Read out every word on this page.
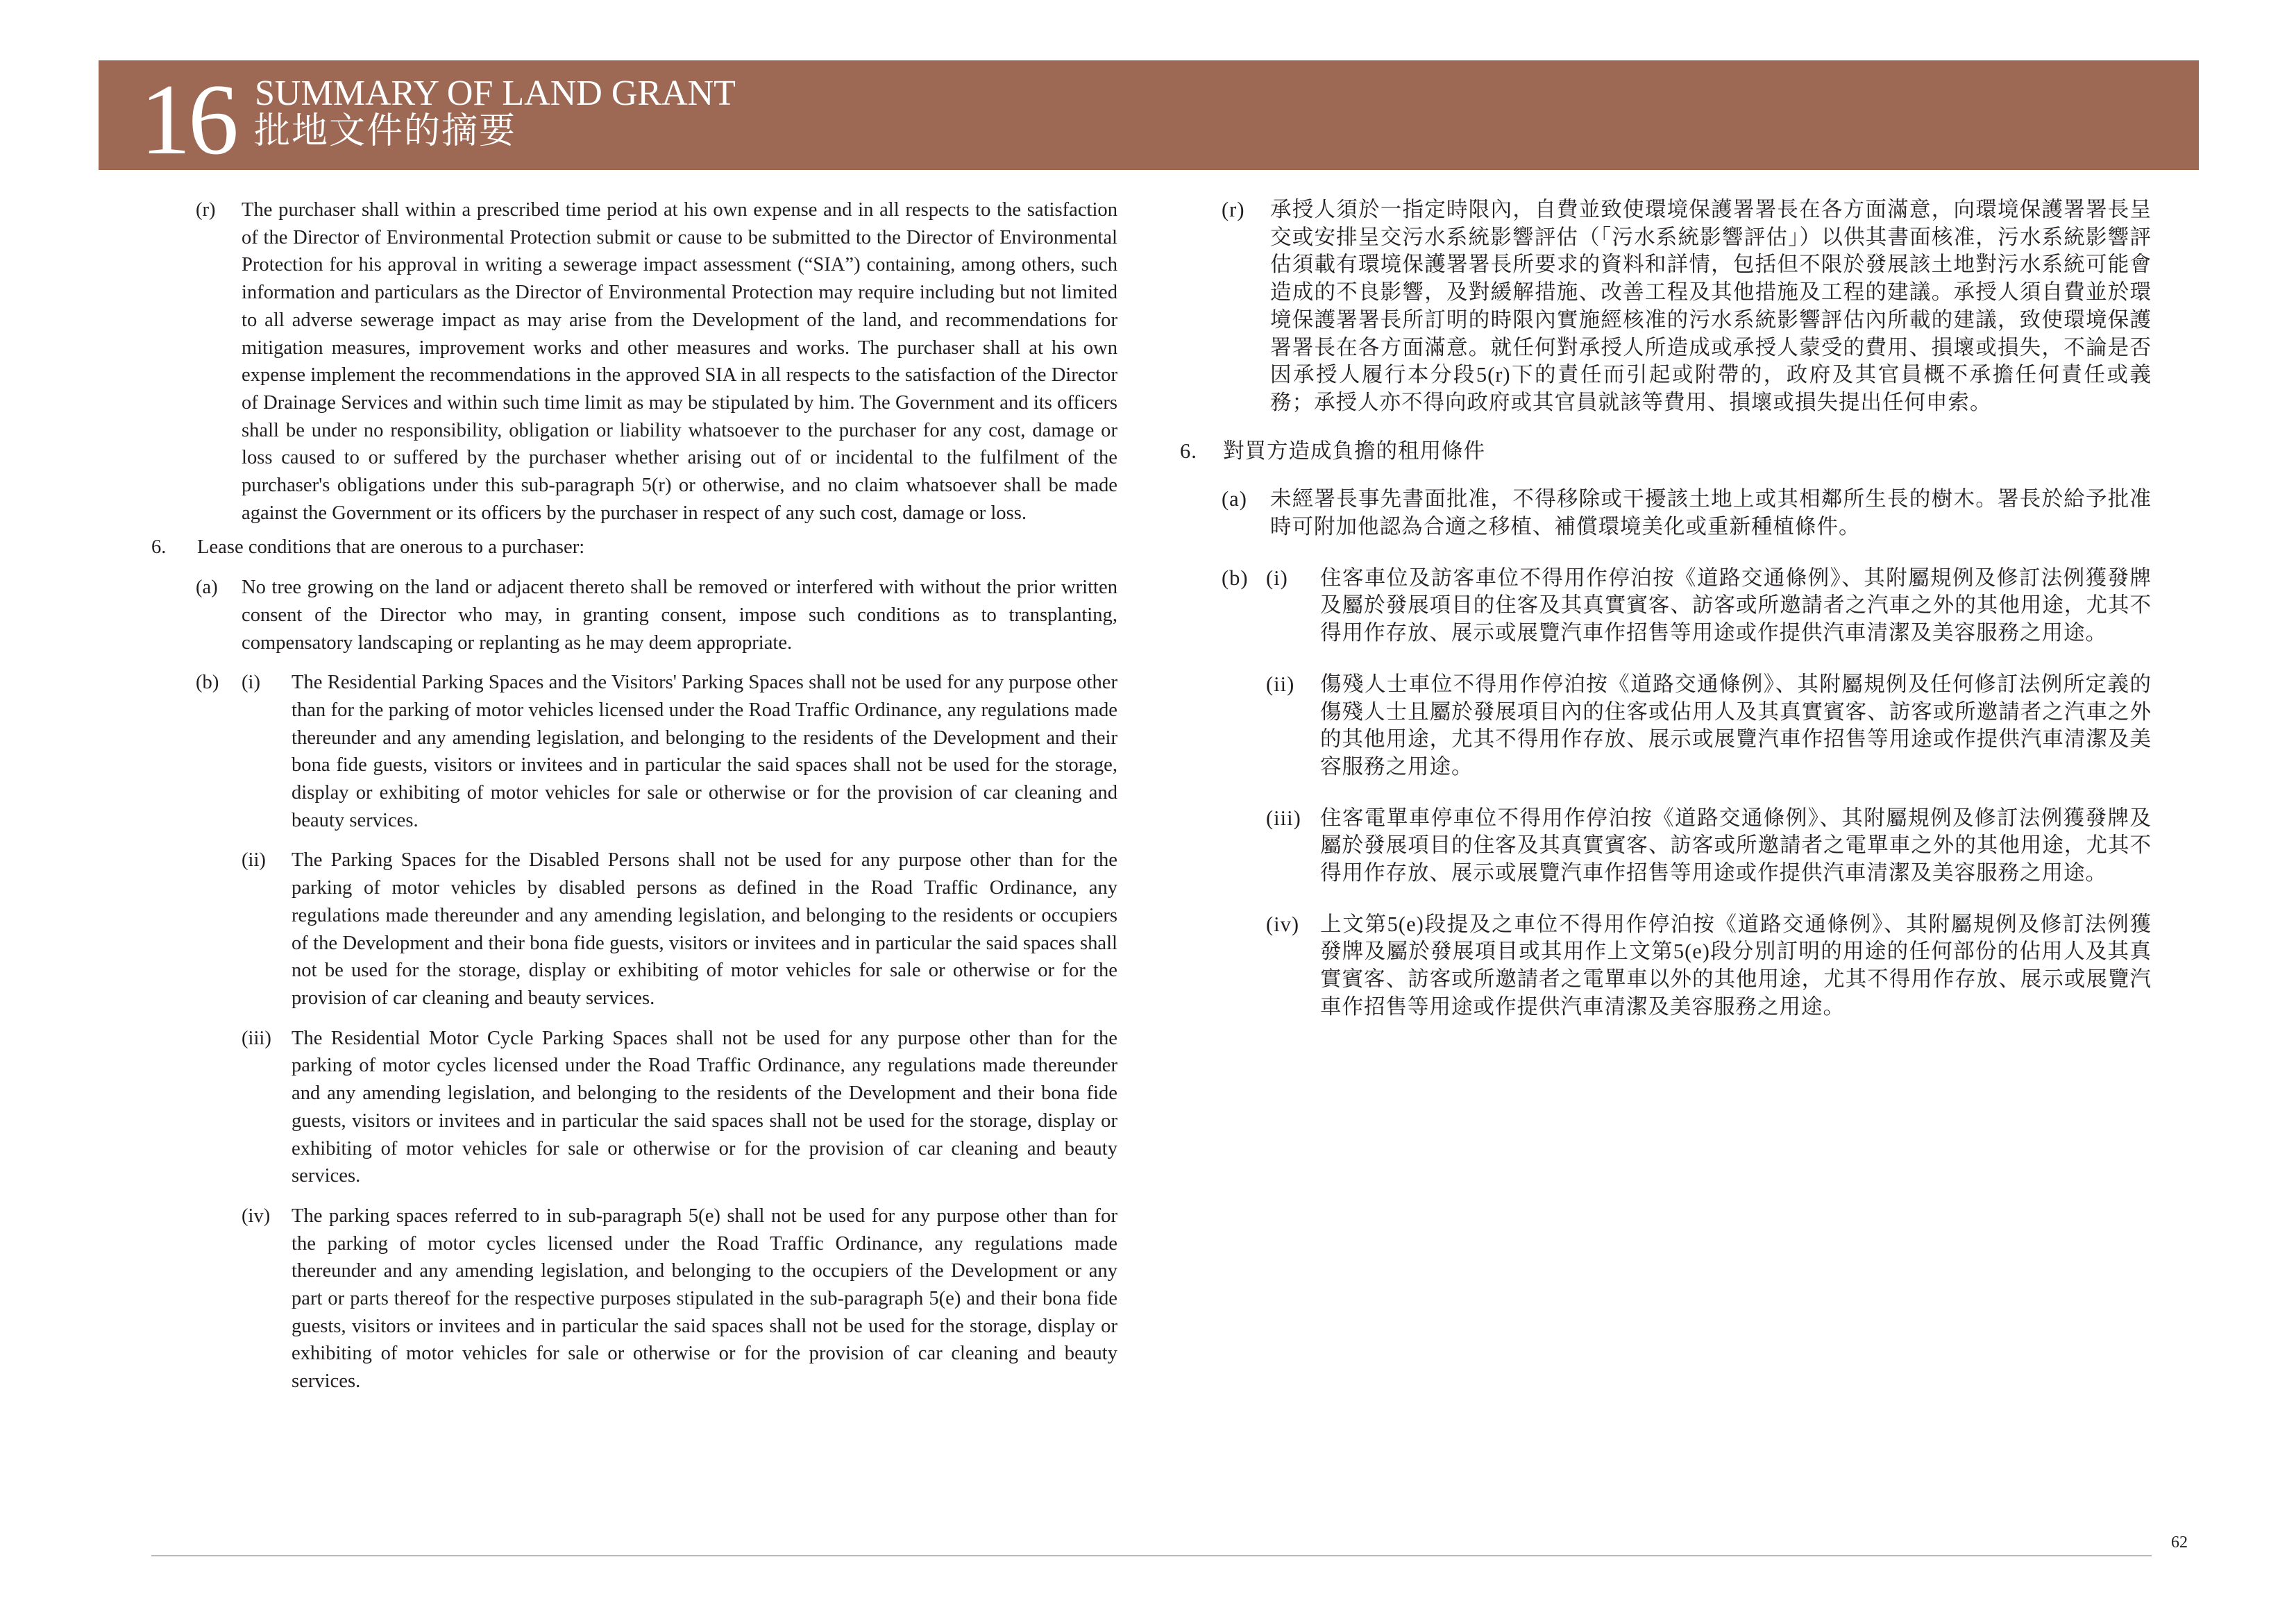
16 SUMMARY OF LAND GRANT
批地文件的摘要
(r) The purchaser shall within a prescribed time period at his own expense and in all respects to the satisfaction of the Director of Environmental Protection submit or cause to be submitted to the Director of Environmental Protection for his approval in writing a sewerage impact assessment (“SIA”) containing, among others, such information and particulars as the Director of Environmental Protection may require including but not limited to all adverse sewerage impact as may arise from the Development of the land, and recommendations for mitigation measures, improvement works and other measures and works. The purchaser shall at his own expense implement the recommendations in the approved SIA in all respects to the satisfaction of the Director of Drainage Services and within such time limit as may be stipulated by him. The Government and its officers shall be under no responsibility, obligation or liability whatsoever to the purchaser for any cost, damage or loss caused to or suffered by the purchaser whether arising out of or incidental to the fulfilment of the purchaser's obligations under this sub-paragraph 5(r) or otherwise, and no claim whatsoever shall be made against the Government or its officers by the purchaser in respect of any such cost, damage or loss.
6. Lease conditions that are onerous to a purchaser:
(a) No tree growing on the land or adjacent thereto shall be removed or interfered with without the prior written consent of the Director who may, in granting consent, impose such conditions as to transplanting, compensatory landscaping or replanting as he may deem appropriate.
(b) (i) The Residential Parking Spaces and the Visitors' Parking Spaces shall not be used for any purpose other than for the parking of motor vehicles licensed under the Road Traffic Ordinance, any regulations made thereunder and any amending legislation, and belonging to the residents of the Development and their bona fide guests, visitors or invitees and in particular the said spaces shall not be used for the storage, display or exhibiting of motor vehicles for sale or otherwise or for the provision of car cleaning and beauty services.
(ii) The Parking Spaces for the Disabled Persons shall not be used for any purpose other than for the parking of motor vehicles by disabled persons as defined in the Road Traffic Ordinance, any regulations made thereunder and any amending legislation, and belonging to the residents or occupiers of the Development and their bona fide guests, visitors or invitees and in particular the said spaces shall not be used for the storage, display or exhibiting of motor vehicles for sale or otherwise or for the provision of car cleaning and beauty services.
(iii) The Residential Motor Cycle Parking Spaces shall not be used for any purpose other than for the parking of motor cycles licensed under the Road Traffic Ordinance, any regulations made thereunder and any amending legislation, and belonging to the residents of the Development and their bona fide guests, visitors or invitees and in particular the said spaces shall not be used for the storage, display or exhibiting of motor vehicles for sale or otherwise or for the provision of car cleaning and beauty services.
(iv) The parking spaces referred to in sub-paragraph 5(e) shall not be used for any purpose other than for the parking of motor cycles licensed under the Road Traffic Ordinance, any regulations made thereunder and any amending legislation, and belonging to the occupiers of the Development or any part or parts thereof for the respective purposes stipulated in the sub-paragraph 5(e) and their bona fide guests, visitors or invitees and in particular the said spaces shall not be used for the storage, display or exhibiting of motor vehicles for sale or otherwise or for the provision of car cleaning and beauty services.
(r) 承授人須於一指定時限內，自費並致使環境保護署署長在各方面滿意，向環境保護署署長呈交或安排呈交污水系統影響評估（「污水系統影響評估」）以供其書面核准，污水系統影響評估須載有環境保護署署長所要求的資料和詳情，包括但不限於發展該土地對污水系統可能會造成的不良影響，及對緩解措施、改善工程及其他措施及工程的建議。承授人須自費並於環境保護署署長所訂明的時限內實施經核准的污水系統影響評估內所載的建議，致使環境保護署署長在各方面滿意。就任何對承授人所造成或承授人蒙受的費用、損壞或損失，不論是否因承授人履行本分段5(r)下的責任而引起或附帶的，政府及其官員概不承擔任何責任或義務；承授人亦不得向政府或其官員就該等費用、損壞或損失提出任何申索。
6. 對買方造成負擔的租用條件
(a) 未經署長事先書面批准，不得移除或干擾該土地上或其相鄰所生長的樹木。署長於給予批准時可附加他認為合適之移植、補償環境美化或重新種植條件。
(b) (i) 住客車位及訪客車位不得用作停泊按《道路交通條例》、其附屬規例及修訂法例獲發牌及屬於發展項目的住客及其真實賓客、訪客或所邀請者之汽車之外的其他用途，尤其不得用作存放、展示或展覽汽車作招售等用途或作提供汽車清潔及美容服務之用途。
(ii) 傷殘人士車位不得用作停泊按《道路交通條例》、其附屬規例及任何修訂法例所定義的傷殘人士且屬於發展項目內的住客或佔用人及其真實賓客、訪客或所邀請者之汽車之外的其他用途，尤其不得用作存放、展示或展覽汽車作招售等用途或作提供汽車清潔及美容服務之用途。
(iii) 住客電單車停車位不得用作停泊按《道路交通條例》、其附屬規例及修訂法例獲發牌及屬於發展項目的住客及其真實賓客、訪客或所邀請者之電單車之外的其他用途，尤其不得用作存放、展示或展覽汽車作招售等用途或作提供汽車清潔及美容服務之用途。
(iv) 上文第5(e)段提及之車位不得用作停泊按《道路交通條例》、其附屬規例及修訂法例獲發牌及屬於發展項目或其用作上文第5(e)段分別訂明的用途的任何部份的佔用人及其真實賓客、訪客或所邀請者之電單車以外的其他用途，尤其不得用作存放、展示或展覽汽車作招售等用途或作提供汽車清潔及美容服務之用途。
62
